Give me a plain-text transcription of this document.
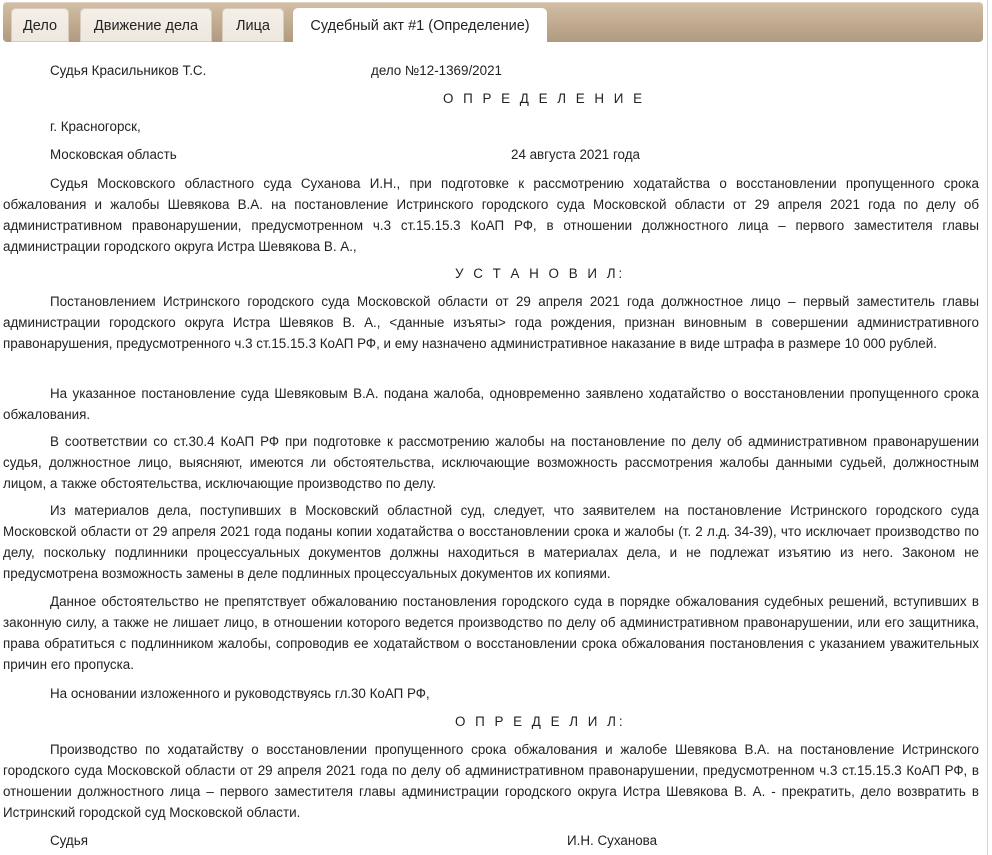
Дело	Движение дела	Лица	Судебный акт #1 (Определение)
Судья Красильников Т.С.	дело №12-1369/2021
О П Р Е Д Е Л Е Н И Е
г. Красногорск,
Московская область	24 августа 2021 года
Судья Московского областного суда Суханова И.Н., при подготовке к рассмотрению ходатайства о восстановлении пропущенного срока обжалования и жалобы Шевякова В.А. на постановление Истринского городского суда Московской области от 29 апреля 2021 года по делу об административном правонарушении, предусмотренном ч.3 ст.15.15.3 КоАП РФ, в отношении должностного лица – первого заместителя главы администрации городского округа Истра Шевякова В. А.,
У С Т А Н О В И Л:
Постановлением Истринского городского суда Московской области от 29 апреля 2021 года должностное лицо – первый заместитель главы администрации городского округа Истра Шевяков В. А., <данные изъяты> года рождения, признан виновным в совершении административного правонарушения, предусмотренного ч.3 ст.15.15.3 КоАП РФ, и ему назначено административное наказание в виде штрафа в размере 10 000 рублей.
На указанное постановление суда Шевяковым В.А. подана жалоба, одновременно заявлено ходатайство о восстановлении пропущенного срока обжалования.
В соответствии со ст.30.4 КоАП РФ при подготовке к рассмотрению жалобы на постановление по делу об административном правонарушении судья, должностное лицо, выясняют, имеются ли обстоятельства, исключающие возможность рассмотрения жалобы данными судьей, должностным лицом, а также обстоятельства, исключающие производство по делу.
Из материалов дела, поступивших в Московский областной суд, следует, что заявителем на постановление Истринского городского суда Московской области от 29 апреля 2021 года поданы копии ходатайства о восстановлении срока и жалобы (т. 2 л.д. 34-39), что исключает производство по делу, поскольку подлинники процессуальных документов должны находиться в материалах дела, и не подлежат изъятию из него. Законом не предусмотрена возможность замены в деле подлинных процессуальных документов их копиями.
Данное обстоятельство не препятствует обжалованию постановления городского суда в порядке обжалования судебных решений, вступивших в законную силу, а также не лишает лицо, в отношении которого ведется производство по делу об административном правонарушении, или его защитника, права обратиться с подлинником жалобы, сопроводив ее ходатайством о восстановлении срока обжалования постановления с указанием уважительных причин его пропуска.
На основании изложенного и руководствуясь гл.30 КоАП РФ,
О П Р Е Д Е Л И Л:
Производство по ходатайству о восстановлении пропущенного срока обжалования и жалобе Шевякова В.А. на постановление Истринского городского суда Московской области от 29 апреля 2021 года по делу об административном правонарушении, предусмотренном ч.3 ст.15.15.3 КоАП РФ, в отношении должностного лица – первого заместителя главы администрации городского округа Истра Шевякова В. А. - прекратить, дело возвратить в Истринский городской суд Московской области.
Судья	И.Н. Суханова
